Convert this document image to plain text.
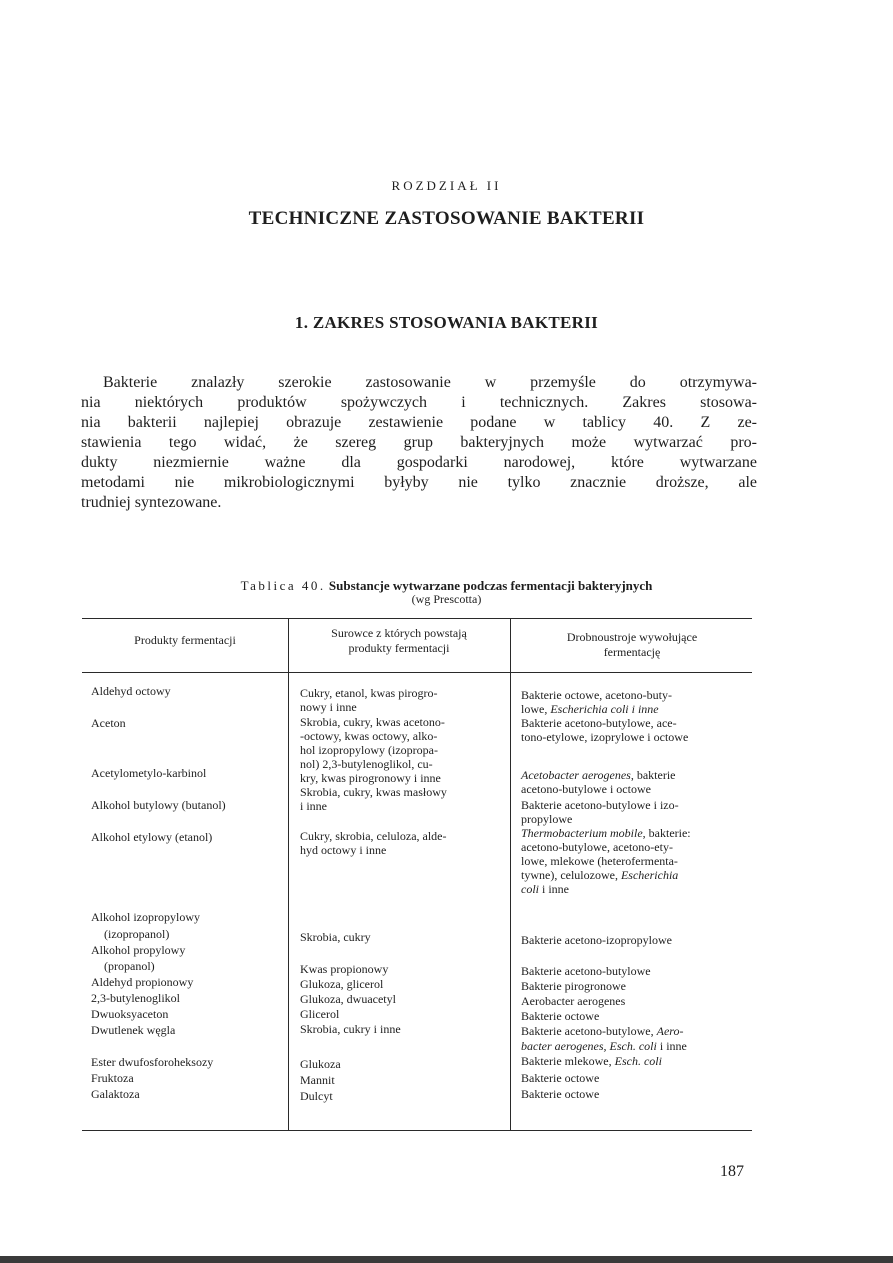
ROZDZIAŁ II
TECHNICZNE ZASTOSOWANIE BAKTERII
1. ZAKRES STOSOWANIA BAKTERII
Bakterie znalazły szerokie zastosowanie w przemyśle do otrzymywa-
nia niektórych produktów spożywczych i technicznych. Zakres stosowa-
nia bakterii najlepiej obrazuje zestawienie podane w tablicy 40. Z ze-
stawienia tego widać, że szereg grup bakteryjnych może wytwarzać pro-
dukty niezmiernie ważne dla gospodarki narodowej, które wytwarzane
metodami nie mikrobiologicznymi byłyby nie tylko znacznie droższe, ale
trudniej syntezowane.
Tablica 40. Substancje wytwarzane podczas fermentacji bakteryjnych
(wg Prescotta)
Produkty fermentacji	Surowce z których powstają
produkty fermentacji
Drobnoustroje wywołujące
fermentację
Aldehyd octowy
Aceton
Acetylometylo-karbinol
Alkohol butylowy (butanol)
Alkohol etylowy (etanol)
Alkohol izopropylowy
(izopropanol)
Alkohol propylowy
(propanol)
Aldehyd propionowy
2,3-butylenoglikol
Dwuoksyaceton
Dwutlenek węgla
Ester dwufosforoheksozy
Fruktoza
Galaktoza
Cukry, etanol, kwas pirogro-
nowy i inne
Skrobia, cukry, kwas acetono-
-octowy, kwas octowy, alko-
hol izopropylowy (izopropa-
nol) 2,3-butylenoglikol, cu-
kry, kwas pirogronowy i inne
Skrobia, cukry, kwas masłowy
i inne
Cukry, skrobia, celuloza, alde-
hyd octowy i inne
Skrobia, cukry
Kwas propionowy
Glukoza, glicerol
Glukoza, dwuacetyl
Glicerol
Skrobia, cukry i inne
Glukoza
Mannit
Dulcyt
Bakterie octowe, acetono-buty-
lowe, Escherichia coli i inne
Bakterie acetono-butylowe, ace-
tono-etylowe, izoprylowe i octowe
Acetobacter aerogenes, bakterie
acetono-butylowe i octowe
Bakterie acetono-butylowe i izo-
propylowe
Thermobacterium mobile, bakterie:
acetono-butylowe, acetono-ety-
lowe, mlekowe (heterofermenta-
tywne), celulozowe, Escherichia
coli i inne
Bakterie acetono-izopropylowe
Bakterie acetono-butylowe
Bakterie pirogronowe
Aerobacter aerogenes
Bakterie octowe
Bakterie acetono-butylowe, Aero-
bacter aerogenes, Esch. coli i inne
Bakterie mlekowe, Esch. coli
Bakterie octowe
Bakterie octowe
187
